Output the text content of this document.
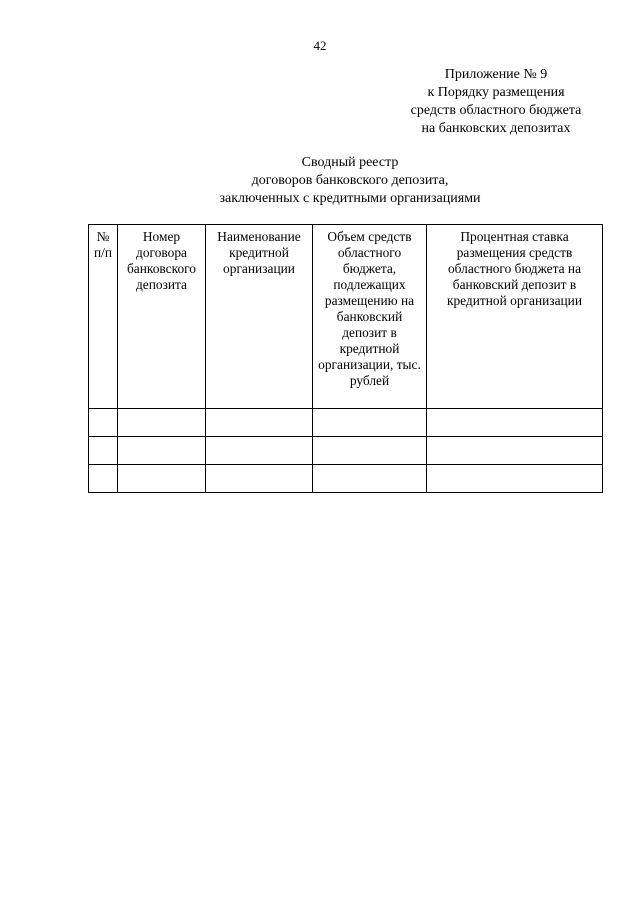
42
Приложение № 9
к Порядку размещения
средств областного бюджета
на банковских депозитах
Сводный реестр
договоров банковского депозита,
заключенных с кредитными организациями
№ п/п	Номер договора банковского депозита	Наименование кредитной организации	Объем средств областного бюджета, подлежащих размещению на банковский депозит в кредитной организации, тыс. рублей	Процентная ставка размещения средств областного бюджета на банковский депозит в кредитной организации
